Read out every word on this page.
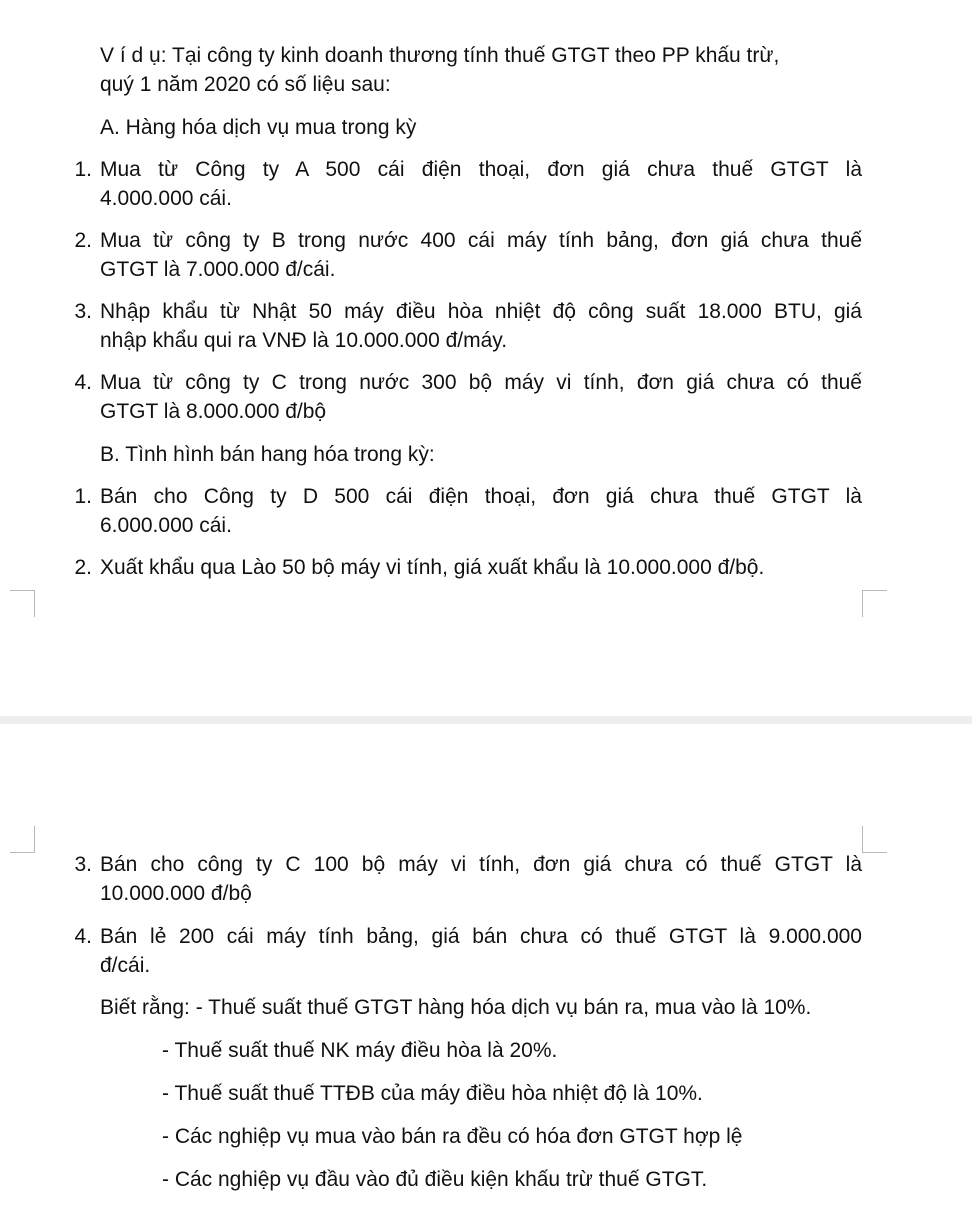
V í d ụ: Tại công ty kinh doanh thương tính thuế GTGT theo PP khấu trừ,
quý 1 năm 2020 có số liệu sau:
A. Hàng hóa dịch vụ mua trong kỳ
1. Mua từ Công ty A 500 cái điện thoại, đơn giá chưa thuế GTGT là
4.000.000 cái.
2. Mua từ công ty B trong nước 400 cái máy tính bảng, đơn giá chưa thuế
GTGT là 7.000.000 đ/cái.
3. Nhập khẩu từ Nhật 50 máy điều hòa nhiệt độ công suất 18.000 BTU, giá
nhập khẩu qui ra VNĐ là 10.000.000 đ/máy.
4. Mua từ công ty C trong nước 300 bộ máy vi tính, đơn giá chưa có thuế
GTGT là 8.000.000 đ/bộ
B. Tình hình bán hang hóa trong kỳ:
1. Bán cho Công ty D 500 cái điện thoại, đơn giá chưa thuế GTGT là
6.000.000 cái.
2. Xuất khẩu qua Lào 50 bộ máy vi tính, giá xuất khẩu là 10.000.000 đ/bộ.
3. Bán cho công ty C 100 bộ máy vi tính, đơn giá chưa có thuế GTGT là
10.000.000 đ/bộ
4. Bán lẻ 200 cái máy tính bảng, giá bán chưa có thuế GTGT là 9.000.000
đ/cái.
Biết rằng: - Thuế suất thuế GTGT hàng hóa dịch vụ bán ra, mua vào là 10%.
- Thuế suất thuế NK máy điều hòa là 20%.
- Thuế suất thuế TTĐB của máy điều hòa nhiệt độ là 10%.
- Các nghiệp vụ mua vào bán ra đều có hóa đơn GTGT hợp lệ
- Các nghiệp vụ đầu vào đủ điều kiện khấu trừ thuế GTGT.
